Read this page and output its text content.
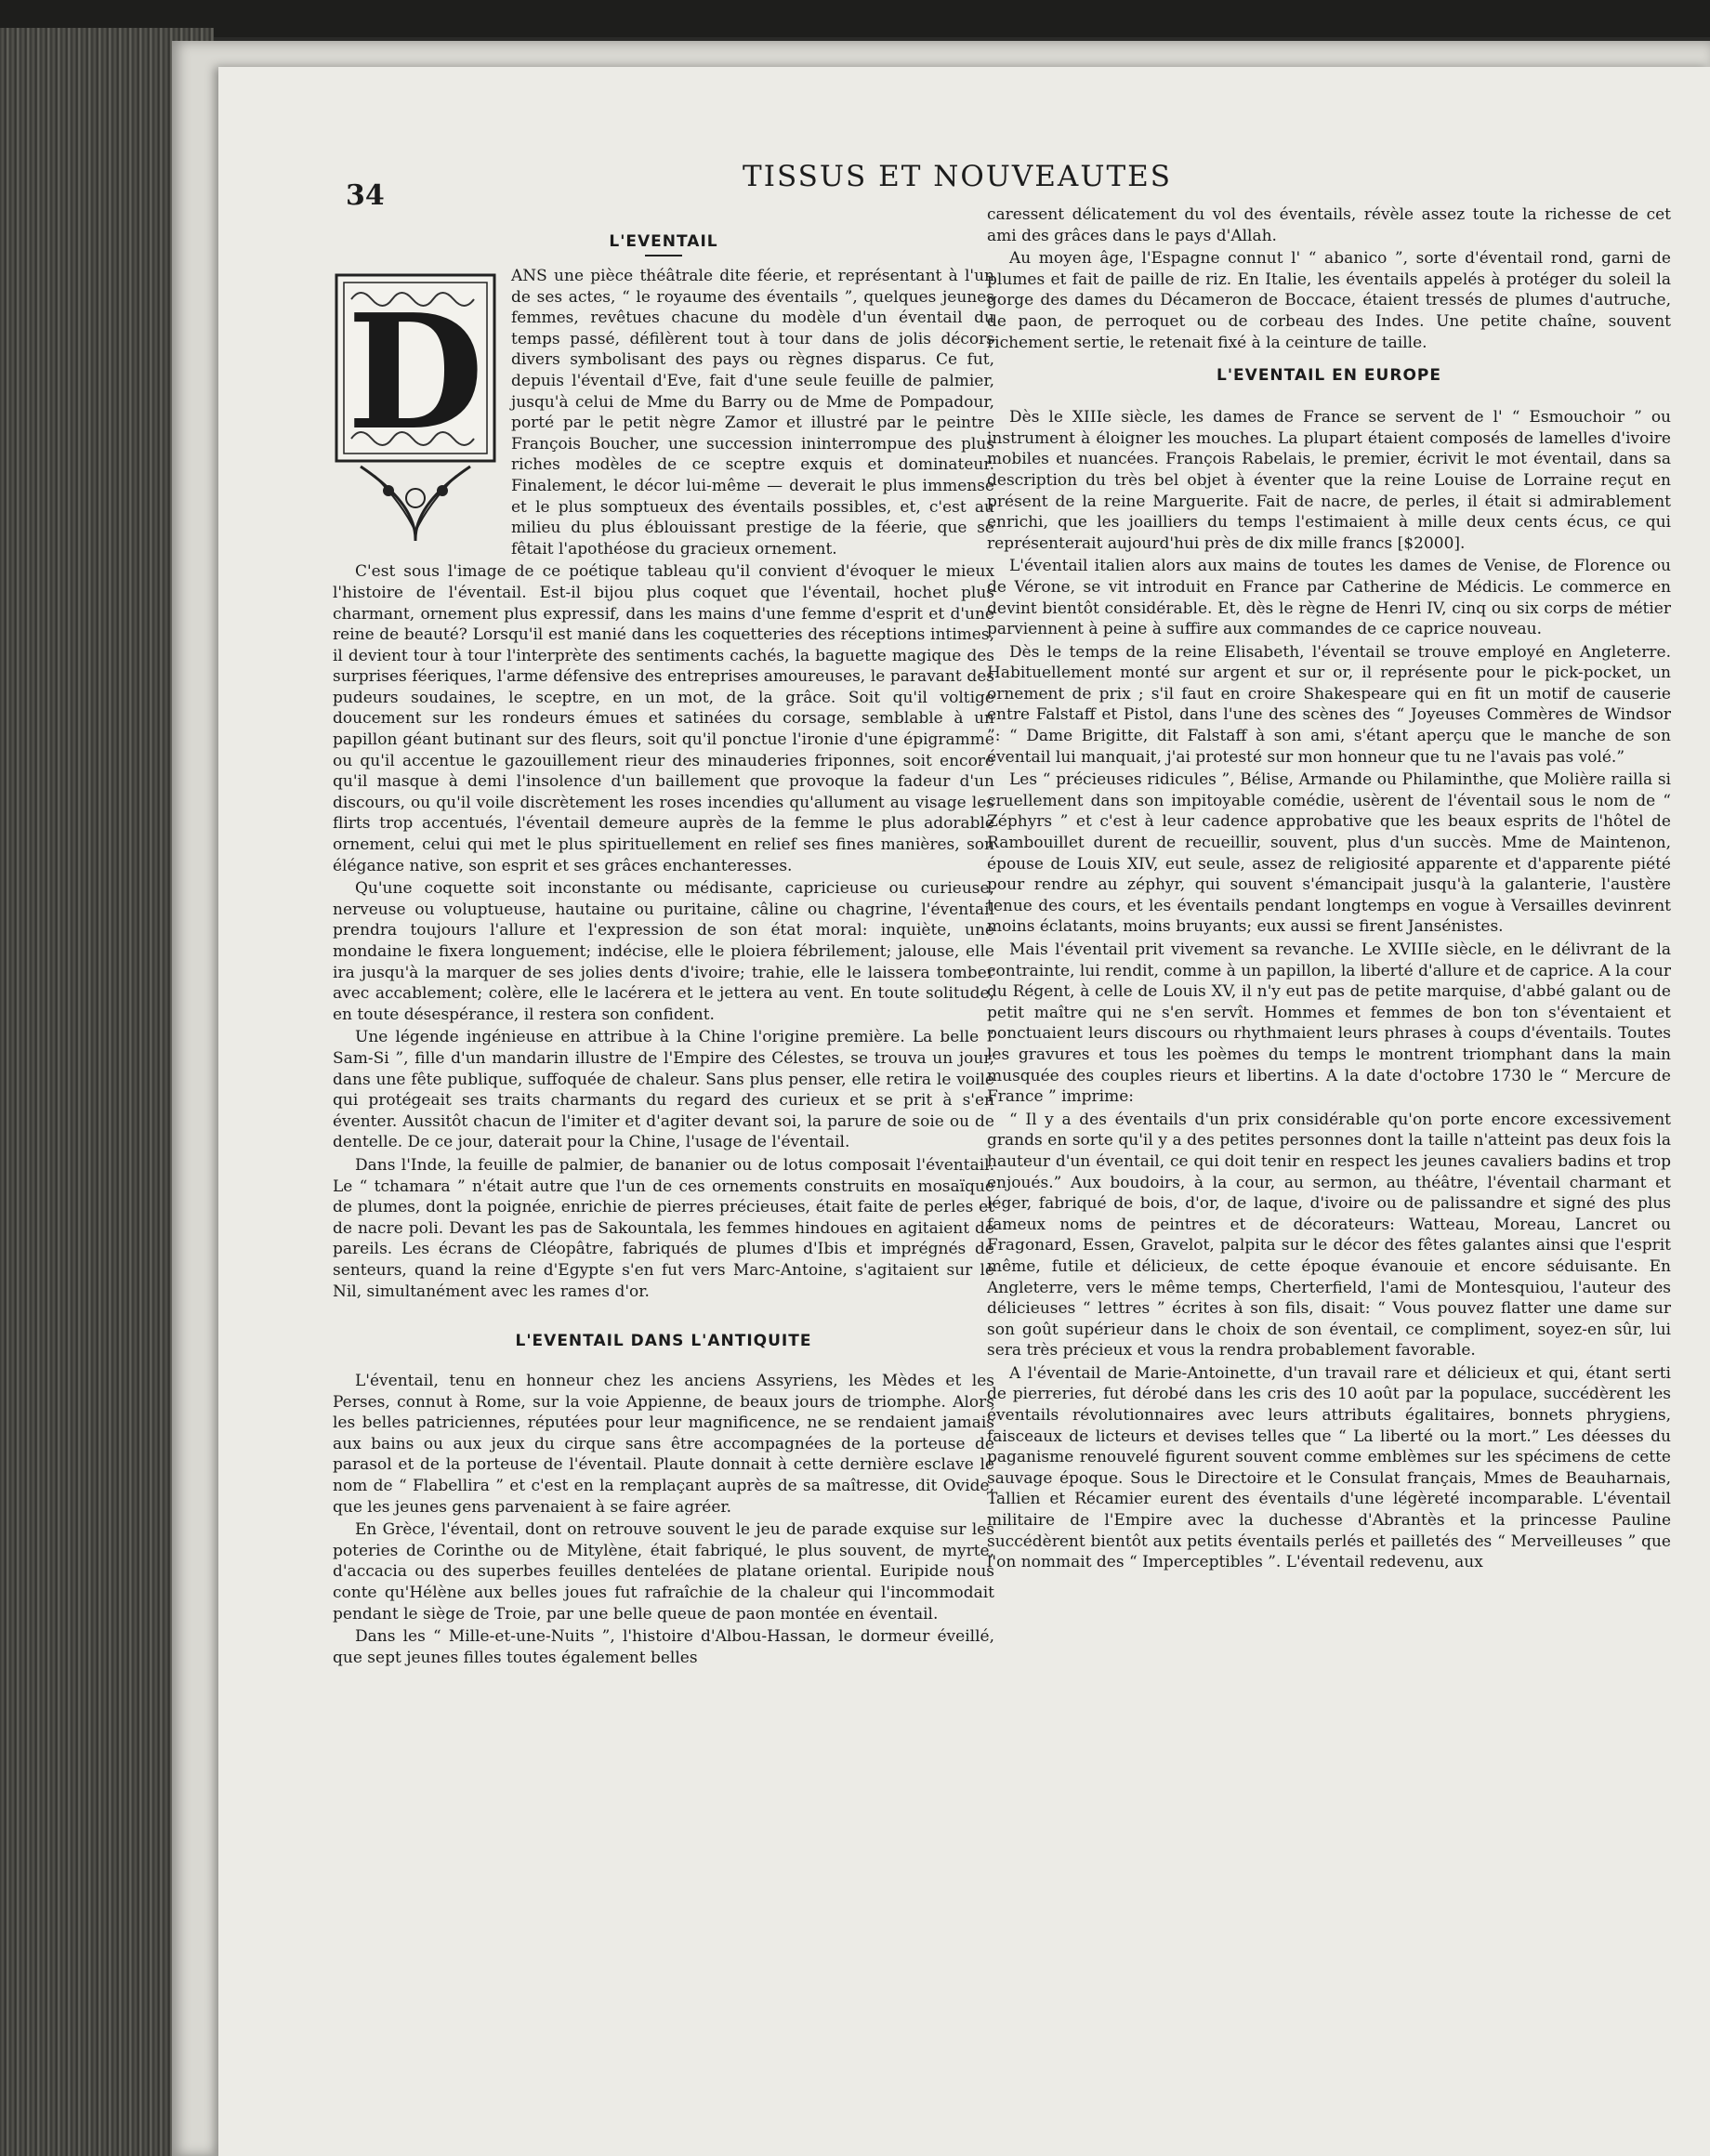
34
TISSUS ET NOUVEAUTES
L'EVENTAIL
D

ANS une pièce théâtrale dite féerie, et représentant à l'un de ses actes, “ le royaume des éventails ”, quelques jeunes femmes, revêtues chacune du modèle d'un éventail du temps passé, défilèrent tout à tour dans de jolis décors divers symbolisant des pays ou règnes disparus. Ce fut, depuis l'éventail d'Eve, fait d'une seule feuille de palmier, jusqu'à celui de Mme du Barry ou de Mme de Pompadour, porté par le petit nègre Zamor et illustré par le peintre François Boucher, une succession ininterrompue des plus riches modèles de ce sceptre exquis et dominateur. Finalement, le décor lui-même — deverait le plus immense et le plus somptueux des éventails possibles, et, c'est au milieu du plus éblouissant prestige de la féerie, que se fêtait l'apothéose du gracieux ornement.

C'est sous l'image de ce poétique tableau qu'il convient d'évoquer le mieux l'histoire de l'éventail. Est-il bijou plus coquet que l'éventail, hochet plus charmant, ornement plus expressif, dans les mains d'une femme d'esprit et d'une reine de beauté? Lorsqu'il est manié dans les coquetteries des réceptions intimes, il devient tour à tour l'interprète des sentiments cachés, la baguette magique des surprises féeriques, l'arme défensive des entreprises amoureuses, le paravant des pudeurs soudaines, le sceptre, en un mot, de la grâce. Soit qu'il voltige doucement sur les rondeurs émues et satinées du corsage, semblable à un papillon géant butinant sur des fleurs, soit qu'il ponctue l'ironie d'une épigramme ou qu'il accentue le gazouillement rieur des minauderies friponnes, soit encore qu'il masque à demi l'insolence d'un baillement que provoque la fadeur d'un discours, ou qu'il voile discrètement les roses incendies qu'allument au visage les flirts trop accentués, l'éventail demeure auprès de la femme le plus adorable ornement, celui qui met le plus spirituellement en relief ses fines manières, son élégance native, son esprit et ses grâces enchanteresses.

Qu'une coquette soit inconstante ou médisante, capricieuse ou curieuse, nerveuse ou voluptueuse, hautaine ou puritaine, câline ou chagrine, l'éventail prendra toujours l'allure et l'expression de son état moral: inquiète, une mondaine le fixera longuement; indécise, elle le ploiera fébrilement; jalouse, elle ira jusqu'à la marquer de ses jolies dents d'ivoire; trahie, elle le laissera tomber avec accablement; colère, elle le lacérera et le jettera au vent. En toute solitude, en toute désespérance, il restera son confident.

Une légende ingénieuse en attribue à la Chine l'origine première. La belle “ Sam-Si ”, fille d'un mandarin illustre de l'Empire des Célestes, se trouva un jour, dans une fête publique, suffoquée de chaleur. Sans plus penser, elle retira le voile qui protégeait ses traits charmants du regard des curieux et se prit à s'en éventer. Aussitôt chacun de l'imiter et d'agiter devant soi, la parure de soie ou de dentelle. De ce jour, daterait pour la Chine, l'usage de l'éventail.

Dans l'Inde, la feuille de palmier, de bananier ou de lotus composait l'éventail. Le “ tchamara ” n'était autre que l'un de ces ornements construits en mosaïque de plumes, dont la poignée, enrichie de pierres précieuses, était faite de perles et de nacre poli. Devant les pas de Sakountala, les femmes hindoues en agitaient de pareils. Les écrans de Cléopâtre, fabriqués de plumes d'Ibis et imprégnés de senteurs, quand la reine d'Egypte s'en fut vers Marc-Antoine, s'agitaient sur le Nil, simultanément avec les rames d'or.

L'EVENTAIL DANS L'ANTIQUITE

L'éventail, tenu en honneur chez les anciens Assyriens, les Mèdes et les Perses, connut à Rome, sur la voie Appienne, de beaux jours de triomphe. Alors les belles patriciennes, réputées pour leur magnificence, ne se rendaient jamais aux bains ou aux jeux du cirque sans être accompagnées de la porteuse de parasol et de la porteuse de l'éventail. Plaute donnait à cette dernière esclave le nom de “ Flabellira ” et c'est en la remplaçant auprès de sa maîtresse, dit Ovide, que les jeunes gens parvenaient à se faire agréer.

En Grèce, l'éventail, dont on retrouve souvent le jeu de parade exquise sur les poteries de Corinthe ou de Mitylène, était fabriqué, le plus souvent, de myrte, d'accacia ou des superbes feuilles dentelées de platane oriental. Euripide nous conte qu'Hélène aux belles joues fut rafraîchie de la chaleur qui l'incommodait pendant le siège de Troie, par une belle queue de paon montée en éventail.

Dans les “ Mille-et-une-Nuits ”, l'histoire d'Albou-Hassan, le dormeur éveillé, que sept jeunes filles toutes également belles

caressent délicatement du vol des éventails, révèle assez toute la richesse de cet ami des grâces dans le pays d'Allah.

Au moyen âge, l'Espagne connut l' “ abanico ”, sorte d'éventail rond, garni de plumes et fait de paille de riz. En Italie, les éventails appelés à protéger du soleil la gorge des dames du Décameron de Boccace, étaient tressés de plumes d'autruche, de paon, de perroquet ou de corbeau des Indes. Une petite chaîne, souvent richement sertie, le retenait fixé à la ceinture de taille.

L'EVENTAIL EN EUROPE

Dès le XIIIe siècle, les dames de France se servent de l' “ Esmouchoir ” ou instrument à éloigner les mouches. La plupart étaient composés de lamelles d'ivoire mobiles et nuancées. François Rabelais, le premier, écrivit le mot éventail, dans sa description du très bel objet à éventer que la reine Louise de Lorraine reçut en présent de la reine Marguerite. Fait de nacre, de perles, il était si admirablement enrichi, que les joailliers du temps l'estimaient à mille deux cents écus, ce qui représenterait aujourd'hui près de dix mille francs [$2000].

L'éventail italien alors aux mains de toutes les dames de Venise, de Florence ou de Vérone, se vit introduit en France par Catherine de Médicis. Le commerce en devint bientôt considérable. Et, dès le règne de Henri IV, cinq ou six corps de métier parviennent à peine à suffire aux commandes de ce caprice nouveau.

Dès le temps de la reine Elisabeth, l'éventail se trouve employé en Angleterre. Habituellement monté sur argent et sur or, il représente pour le pick-pocket, un ornement de prix ; s'il faut en croire Shakespeare qui en fit un motif de causerie entre Falstaff et Pistol, dans l'une des scènes des “ Joyeuses Commères de Windsor ”: “ Dame Brigitte, dit Falstaff à son ami, s'étant aperçu que le manche de son éventail lui manquait, j'ai protesté sur mon honneur que tu ne l'avais pas volé.”

Les “ précieuses ridicules ”, Bélise, Armande ou Philaminthe, que Molière railla si cruellement dans son impitoyable comédie, usèrent de l'éventail sous le nom de “ Zéphyrs ” et c'est à leur cadence approbative que les beaux esprits de l'hôtel de Rambouillet durent de recueillir, souvent, plus d'un succès. Mme de Maintenon, épouse de Louis XIV, eut seule, assez de religiosité apparente et d'apparente piété pour rendre au zéphyr, qui souvent s'émancipait jusqu'à la galanterie, l'austère tenue des cours, et les éventails pendant longtemps en vogue à Versailles devinrent moins éclatants, moins bruyants; eux aussi se firent Jansénistes.

Mais l'éventail prit vivement sa revanche. Le XVIIIe siècle, en le délivrant de la contrainte, lui rendit, comme à un papillon, la liberté d'allure et de caprice. A la cour du Régent, à celle de Louis XV, il n'y eut pas de petite marquise, d'abbé galant ou de petit maître qui ne s'en servît. Hommes et femmes de bon ton s'éventaient et ponctuaient leurs discours ou rhythmaient leurs phrases à coups d'éventails. Toutes les gravures et tous les poèmes du temps le montrent triomphant dans la main musquée des couples rieurs et libertins. A la date d'octobre 1730 le “ Mercure de France ” imprime:

“ Il y a des éventails d'un prix considérable qu'on porte encore excessivement grands en sorte qu'il y a des petites personnes dont la taille n'atteint pas deux fois la hauteur d'un éventail, ce qui doit tenir en respect les jeunes cavaliers badins et trop enjoués.” Aux boudoirs, à la cour, au sermon, au théâtre, l'éventail charmant et léger, fabriqué de bois, d'or, de laque, d'ivoire ou de palissandre et signé des plus fameux noms de peintres et de décorateurs: Watteau, Moreau, Lancret ou Fragonard, Essen, Gravelot, palpita sur le décor des fêtes galantes ainsi que l'esprit même, futile et délicieux, de cette époque évanouie et encore séduisante. En Angleterre, vers le même temps, Cherterfield, l'ami de Montesquiou, l'auteur des délicieuses “ lettres ” écrites à son fils, disait: “ Vous pouvez flatter une dame sur son goût supérieur dans le choix de son éventail, ce compliment, soyez-en sûr, lui sera très précieux et vous la rendra probablement favorable.

A l'éventail de Marie-Antoinette, d'un travail rare et délicieux et qui, étant serti de pierreries, fut dérobé dans les cris des 10 août par la populace, succédèrent les éventails révolutionnaires avec leurs attributs égalitaires, bonnets phrygiens, faisceaux de licteurs et devises telles que “ La liberté ou la mort.” Les déesses du paganisme renouvelé figurent souvent comme emblèmes sur les spécimens de cette sauvage époque. Sous le Directoire et le Consulat français, Mmes de Beauharnais, Tallien et Récamier eurent des éventails d'une légèreté incomparable. L'éventail militaire de l'Empire avec la duchesse d'Abrantès et la princesse Pauline succédèrent bientôt aux petits éventails perlés et pailletés des “ Merveilleuses ” que l'on nommait des “ Imperceptibles ”. L'éventail redevenu, aux
